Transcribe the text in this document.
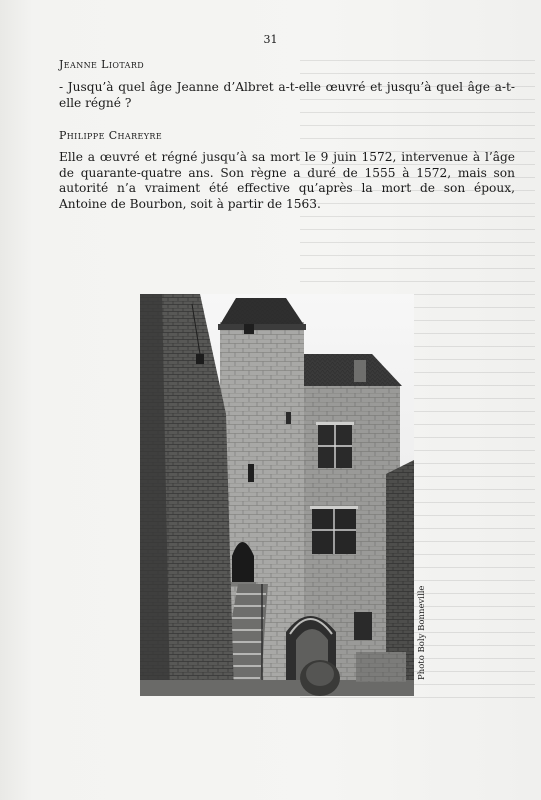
31
Jeanne Liotard
- Jusqu’à quel âge Jeanne d’Albret a-t-elle œuvré et jusqu’à quel âge a-t-elle régné ?
Philippe Chareyre
Elle a œuvré et régné jusqu’à sa mort le 9 juin 1572, intervenue à l’âge de quarante-quatre ans. Son règne a duré de 1555 à 1572, mais son autorité n’a vraiment été effective qu’après la mort de son époux, Antoine de Bourbon, soit à partir de 1563.
Photo Boly Bonneville
